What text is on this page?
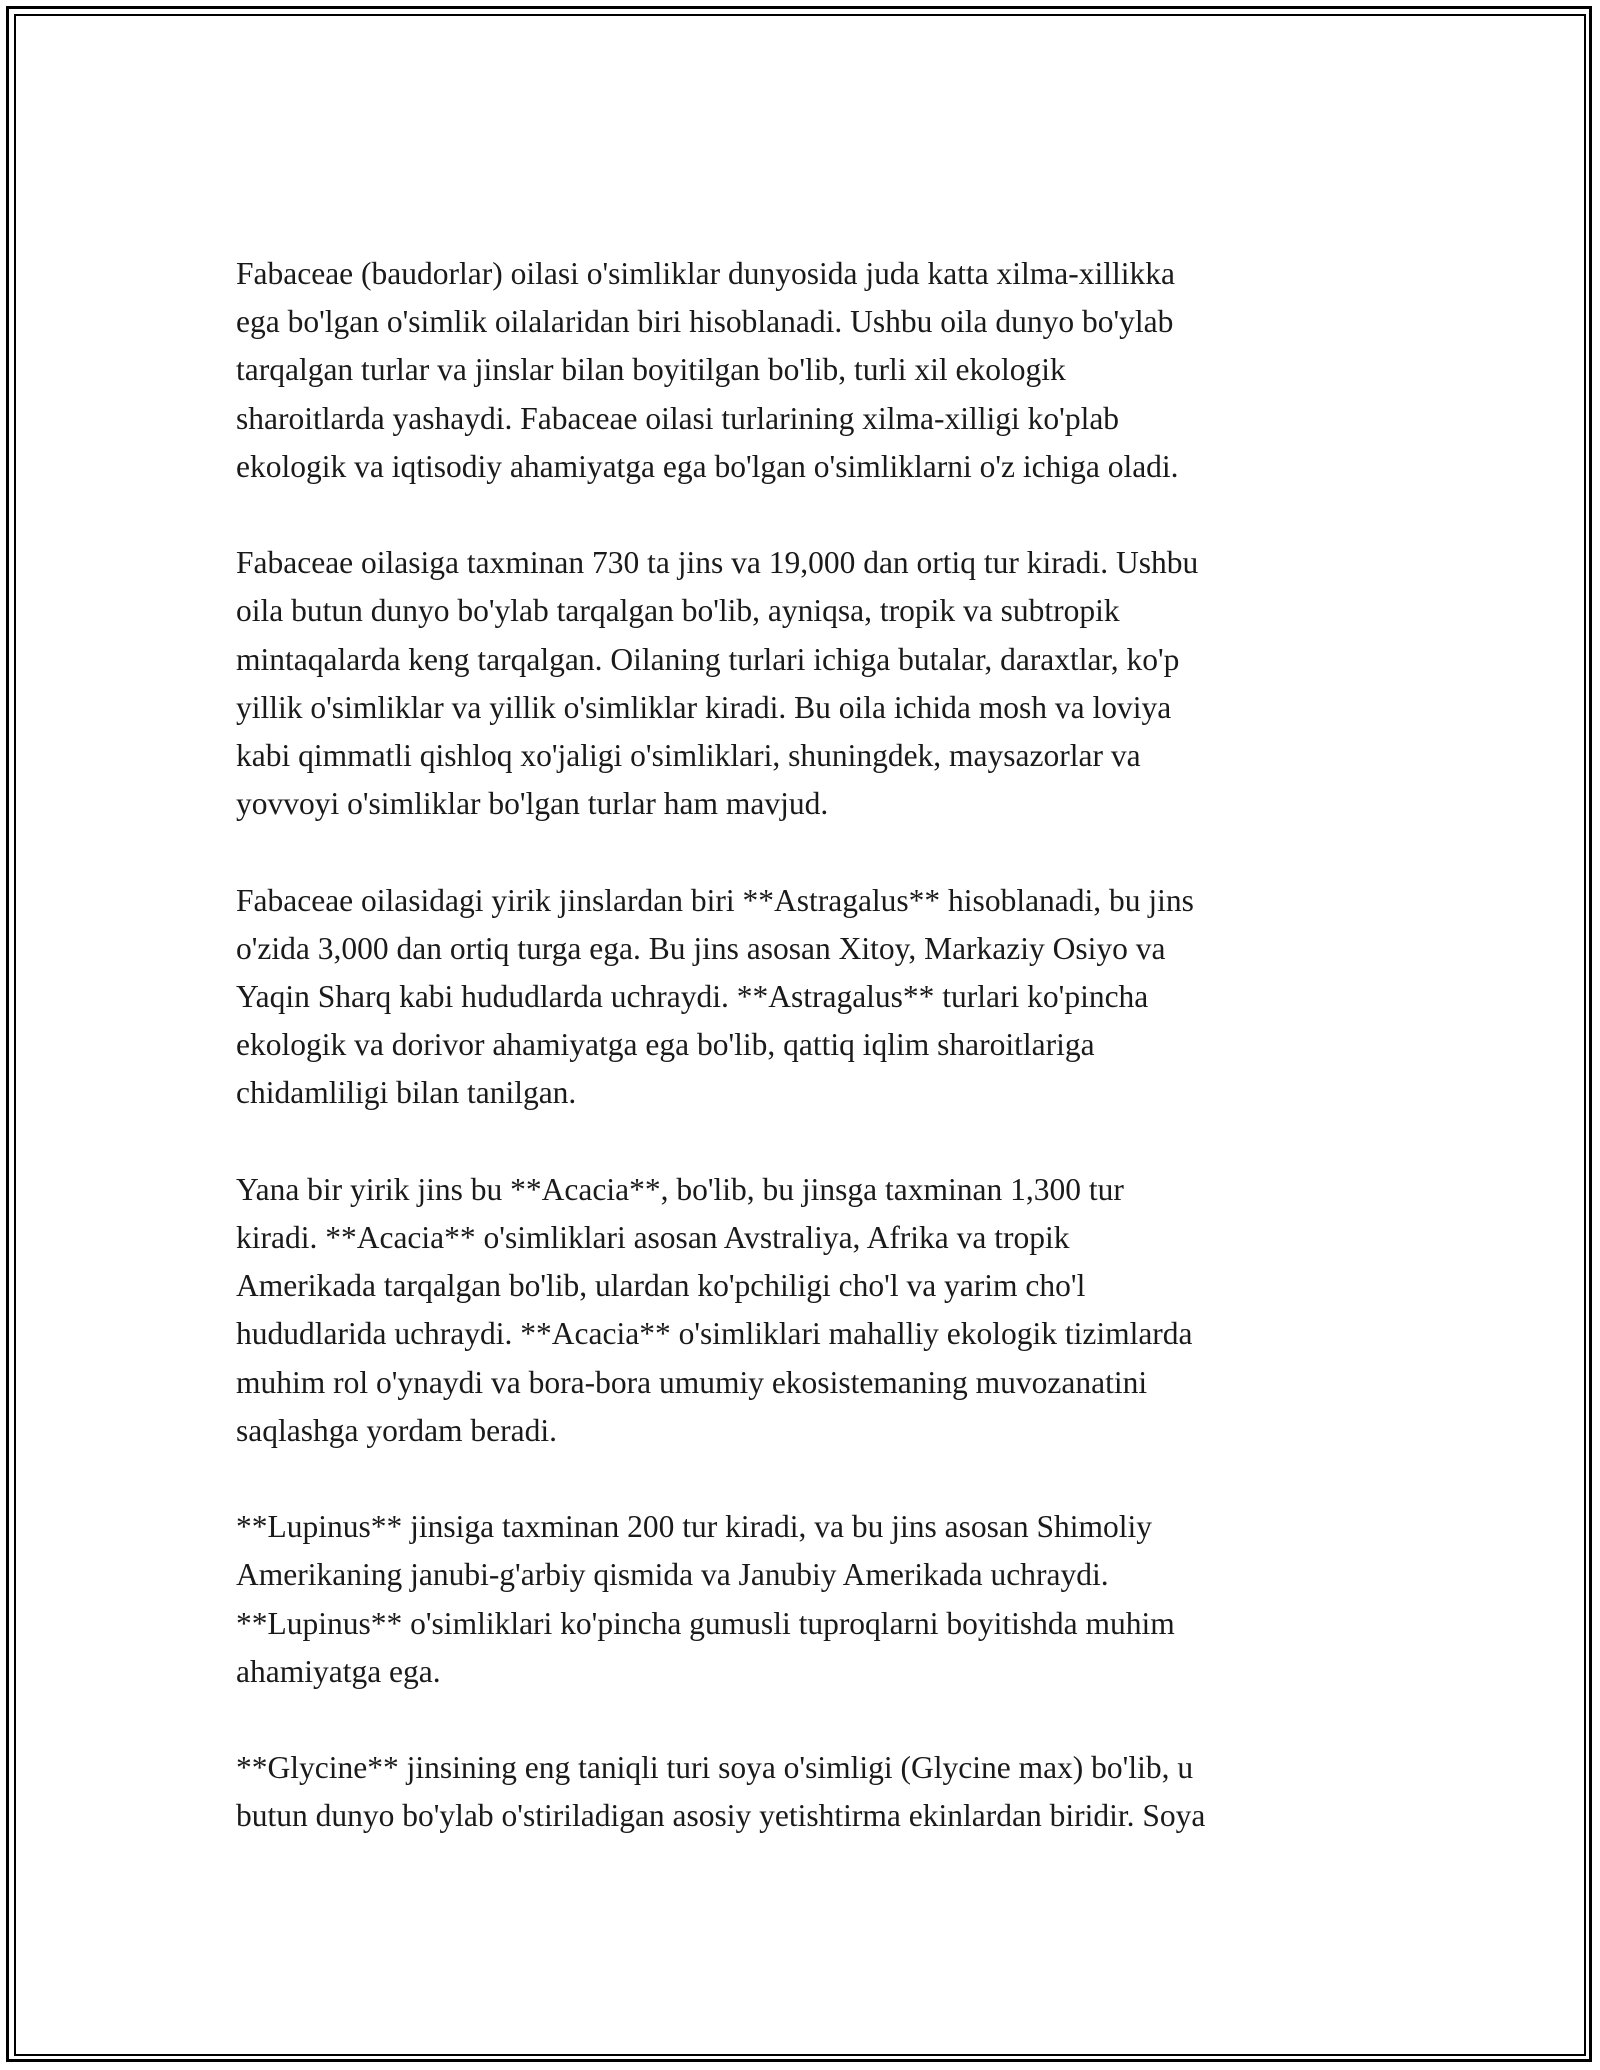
Fabaceae (baudorlar) oilasi o'simliklar dunyosida juda katta xilma-xillikka
ega bo'lgan o'simlik oilalaridan biri hisoblanadi. Ushbu oila dunyo bo'ylab
tarqalgan turlar va jinslar bilan boyitilgan bo'lib, turli xil ekologik
sharoitlarda yashaydi. Fabaceae oilasi turlarining xilma-xilligi ko'plab
ekologik va iqtisodiy ahamiyatga ega bo'lgan o'simliklarni o'z ichiga oladi.

Fabaceae oilasiga taxminan 730 ta jins va 19,000 dan ortiq tur kiradi. Ushbu
oila butun dunyo bo'ylab tarqalgan bo'lib, ayniqsa, tropik va subtropik
mintaqalarda keng tarqalgan. Oilaning turlari ichiga butalar, daraxtlar, ko'p
yillik o'simliklar va yillik o'simliklar kiradi. Bu oila ichida mosh va loviya
kabi qimmatli qishloq xo'jaligi o'simliklari, shuningdek, maysazorlar va
yovvoyi o'simliklar bo'lgan turlar ham mavjud.

Fabaceae oilasidagi yirik jinslardan biri **Astragalus** hisoblanadi, bu jins
o'zida 3,000 dan ortiq turga ega. Bu jins asosan Xitoy, Markaziy Osiyo va
Yaqin Sharq kabi hududlarda uchraydi. **Astragalus** turlari ko'pincha
ekologik va dorivor ahamiyatga ega bo'lib, qattiq iqlim sharoitlariga
chidamliligi bilan tanilgan.

Yana bir yirik jins bu **Acacia**, bo'lib, bu jinsga taxminan 1,300 tur
kiradi. **Acacia** o'simliklari asosan Avstraliya, Afrika va tropik
Amerikada tarqalgan bo'lib, ulardan ko'pchiligi cho'l va yarim cho'l
hududlarida uchraydi. **Acacia** o'simliklari mahalliy ekologik tizimlarda
muhim rol o'ynaydi va bora-bora umumiy ekosistemaning muvozanatini
saqlashga yordam beradi.

**Lupinus** jinsiga taxminan 200 tur kiradi, va bu jins asosan Shimoliy
Amerikaning janubi-g'arbiy qismida va Janubiy Amerikada uchraydi.
**Lupinus** o'simliklari ko'pincha gumusli tuproqlarni boyitishda muhim
ahamiyatga ega.

**Glycine** jinsining eng taniqli turi soya o'simligi (Glycine max) bo'lib, u
butun dunyo bo'ylab o'stiriladigan asosiy yetishtirma ekinlardan biridir. Soya
